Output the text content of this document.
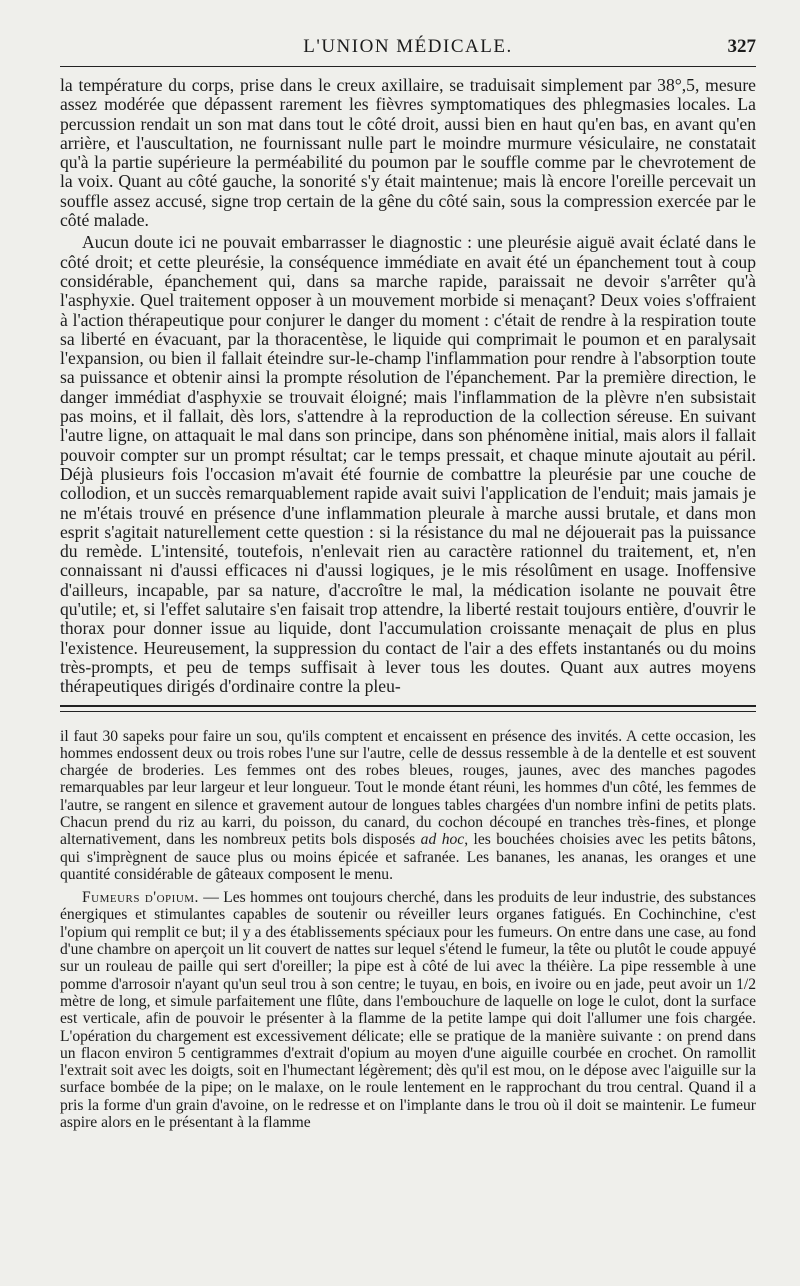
L'UNION MÉDICALE.	327

la température du corps, prise dans le creux axillaire, se traduisait simplement par 38°,5, mesure assez modérée que dépassent rarement les fièvres symptomatiques des phlegmasies locales. La percussion rendait un son mat dans tout le côté droit, aussi bien en haut qu'en bas, en avant qu'en arrière, et l'auscultation, ne fournissant nulle part le moindre murmure vésiculaire, ne constatait qu'à la partie supérieure la perméabilité du poumon par le souffle comme par le chevrotement de la voix. Quant au côté gauche, la sonorité s'y était maintenue; mais là encore l'oreille percevait un souffle assez accusé, signe trop certain de la gêne du côté sain, sous la compression exercée par le côté malade.

Aucun doute ici ne pouvait embarrasser le diagnostic : une pleurésie aiguë avait éclaté dans le côté droit; et cette pleurésie, la conséquence immédiate en avait été un épanchement tout à coup considérable, épanchement qui, dans sa marche rapide, paraissait ne devoir s'arrêter qu'à l'asphyxie. Quel traitement opposer à un mouvement morbide si menaçant? Deux voies s'offraient à l'action thérapeutique pour conjurer le danger du moment : c'était de rendre à la respiration toute sa liberté en évacuant, par la thoracentèse, le liquide qui comprimait le poumon et en paralysait l'expansion, ou bien il fallait éteindre sur-le-champ l'inflammation pour rendre à l'absorption toute sa puissance et obtenir ainsi la prompte résolution de l'épanchement. Par la première direction, le danger immédiat d'asphyxie se trouvait éloigné; mais l'inflammation de la plèvre n'en subsistait pas moins, et il fallait, dès lors, s'attendre à la reproduction de la collection séreuse. En suivant l'autre ligne, on attaquait le mal dans son principe, dans son phénomène initial, mais alors il fallait pouvoir compter sur un prompt résultat; car le temps pressait, et chaque minute ajoutait au péril. Déjà plusieurs fois l'occasion m'avait été fournie de combattre la pleurésie par une couche de collodion, et un succès remarquablement rapide avait suivi l'application de l'enduit; mais jamais je ne m'étais trouvé en présence d'une inflammation pleurale à marche aussi brutale, et dans mon esprit s'agitait naturellement cette question : si la résistance du mal ne déjouerait pas la puissance du remède. L'intensité, toutefois, n'enlevait rien au caractère rationnel du traitement, et, n'en connaissant ni d'aussi efficaces ni d'aussi logiques, je le mis résolûment en usage. Inoffensive d'ailleurs, incapable, par sa nature, d'accroître le mal, la médication isolante ne pouvait être qu'utile; et, si l'effet salutaire s'en faisait trop attendre, la liberté restait toujours entière, d'ouvrir le thorax pour donner issue au liquide, dont l'accumulation croissante menaçait de plus en plus l'existence. Heureusement, la suppression du contact de l'air a des effets instantanés ou du moins très-prompts, et peu de temps suffisait à lever tous les doutes. Quant aux autres moyens thérapeutiques dirigés d'ordinaire contre la pleu-

il faut 30 sapeks pour faire un sou, qu'ils comptent et encaissent en présence des invités. A cette occasion, les hommes endossent deux ou trois robes l'une sur l'autre, celle de dessus ressemble à de la dentelle et est souvent chargée de broderies. Les femmes ont des robes bleues, rouges, jaunes, avec des manches pagodes remarquables par leur largeur et leur longueur. Tout le monde étant réuni, les hommes d'un côté, les femmes de l'autre, se rangent en silence et gravement autour de longues tables chargées d'un nombre infini de petits plats. Chacun prend du riz au karri, du poisson, du canard, du cochon découpé en tranches très-fines, et plonge alternativement, dans les nombreux petits bols disposés ad hoc, les bouchées choisies avec les petits bâtons, qui s'imprègnent de sauce plus ou moins épicée et safranée. Les bananes, les ananas, les oranges et une quantité considérable de gâteaux composent le menu.

Fumeurs d'opium. — Les hommes ont toujours cherché, dans les produits de leur industrie, des substances énergiques et stimulantes capables de soutenir ou réveiller leurs organes fatigués. En Cochinchine, c'est l'opium qui remplit ce but; il y a des établissements spéciaux pour les fumeurs. On entre dans une case, au fond d'une chambre on aperçoit un lit couvert de nattes sur lequel s'étend le fumeur, la tête ou plutôt le coude appuyé sur un rouleau de paille qui sert d'oreiller; la pipe est à côté de lui avec la théière. La pipe ressemble à une pomme d'arrosoir n'ayant qu'un seul trou à son centre; le tuyau, en bois, en ivoire ou en jade, peut avoir un 1/2 mètre de long, et simule parfaitement une flûte, dans l'embouchure de laquelle on loge le culot, dont la surface est verticale, afin de pouvoir le présenter à la flamme de la petite lampe qui doit l'allumer une fois chargée. L'opération du chargement est excessivement délicate; elle se pratique de la manière suivante : on prend dans un flacon environ 5 centigrammes d'extrait d'opium au moyen d'une aiguille courbée en crochet. On ramollit l'extrait soit avec les doigts, soit en l'humectant légèrement; dès qu'il est mou, on le dépose avec l'aiguille sur la surface bombée de la pipe; on le malaxe, on le roule lentement en le rapprochant du trou central. Quand il a pris la forme d'un grain d'avoine, on le redresse et on l'implante dans le trou où il doit se maintenir. Le fumeur aspire alors en le présentant à la flamme
